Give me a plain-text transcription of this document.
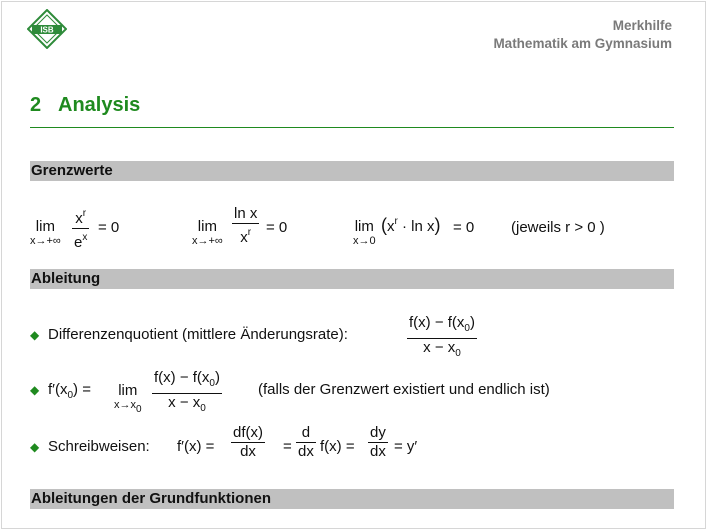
ISB	Merkhilfe
Mathematik am Gymnasium
2 Analysis
Grenzwerte
lim
x→+∞
$x^r$
$e^x$
= 0	lim
x→+∞
ln x
$x^r = 0$	lim
x→0
$(x^r \cdot \ln x) = 0$ (jeweils r > 0 )
Ableitung
◆ Differenzenquotient (mittlere Änderungsrate):
$f(x) - f(x_0)$
$x - x_0$
◆ $f'(x_0) = \lim$
$x\to x_0$
$f(x) - f(x_0)$
$x - x_0$
(falls der Grenzwert existiert und endlich ist)
◆ Schreibweisen: f′(x) =
df(x)
dx	=
d
dx f(x) =
dy
dx = y′
Ableitungen der Grundfunktionen
